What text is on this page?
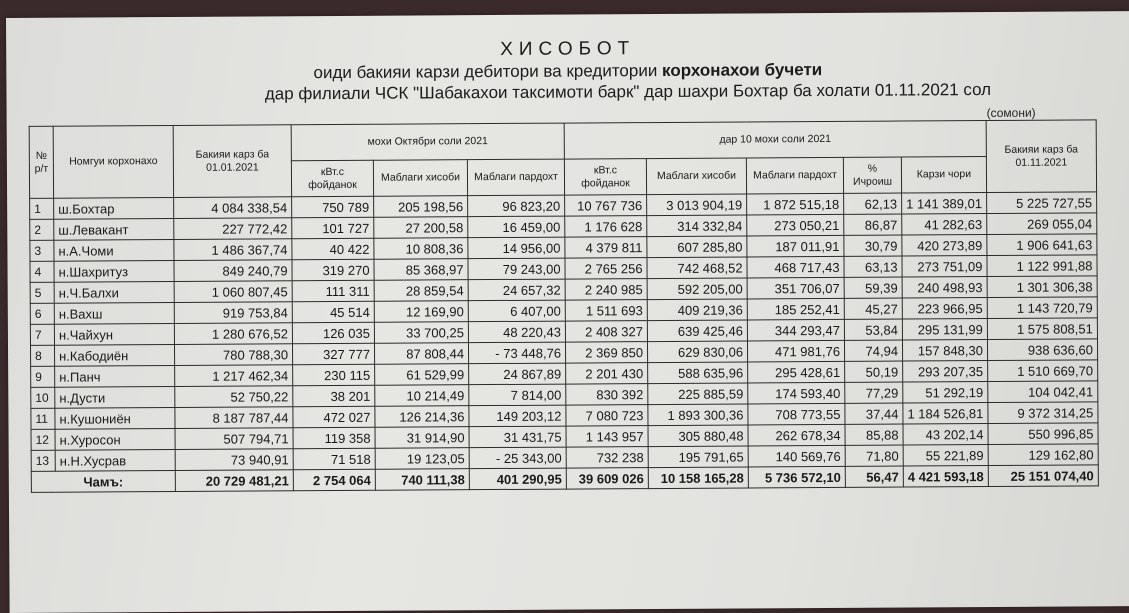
ХИСОБОТ
оиди бакияи карзи дебитори ва кредитории корхонахои бучети
дар филиали ЧСК "Шабакахои таксимоти барк" дар шахри Бохтар ба холати 01.11.2021 сол
(сомони)
№ р/т	Номгуи корхонахо	Бакияи карз ба 01.01.2021	мохи Октябри соли 2021			дар 10 мохи соли 2021					Бакияи карз ба 01.11.2021
			кВт.с фойданок	Маблаги хисоби	Маблаги пардохт	кВт.с фойданок	Маблаги хисоби	Маблаги пардохт	% Ичроиш	Карзи чори	
1	ш.Бохтар	4 084 338,54	750 789	205 198,56	96 823,20	10 767 736	3 013 904,19	1 872 515,18	62,13	1 141 389,01	5 225 727,55
2	ш.Левакант	227 772,42	101 727	27 200,58	16 459,00	1 176 628	314 332,84	273 050,21	86,87	41 282,63	269 055,04
3	н.А.Чоми	1 486 367,74	40 422	10 808,36	14 956,00	4 379 811	607 285,80	187 011,91	30,79	420 273,89	1 906 641,63
4	н.Шахритуз	849 240,79	319 270	85 368,97	79 243,00	2 765 256	742 468,52	468 717,43	63,13	273 751,09	1 122 991,88
5	н.Ч.Балхи	1 060 807,45	111 311	28 859,54	24 657,32	2 240 985	592 205,00	351 706,07	59,39	240 498,93	1 301 306,38
6	н.Вахш	919 753,84	45 514	12 169,90	6 407,00	1 511 693	409 219,36	185 252,41	45,27	223 966,95	1 143 720,79
7	н.Чайхун	1 280 676,52	126 035	33 700,25	48 220,43	2 408 327	639 425,46	344 293,47	53,84	295 131,99	1 575 808,51
8	н.Кабодиён	780 788,30	327 777	87 808,44	- 73 448,76	2 369 850	629 830,06	471 981,76	74,94	157 848,30	938 636,60
9	н.Панч	1 217 462,34	230 115	61 529,99	24 867,89	2 201 430	588 635,96	295 428,61	50,19	293 207,35	1 510 669,70
10	н.Дусти	52 750,22	38 201	10 214,49	7 814,00	830 392	225 885,59	174 593,40	77,29	51 292,19	104 042,41
11	н.Кушониён	8 187 787,44	472 027	126 214,36	149 203,12	7 080 723	1 893 300,36	708 773,55	37,44	1 184 526,81	9 372 314,25
12	н.Хуросон	507 794,71	119 358	31 914,90	31 431,75	1 143 957	305 880,48	262 678,34	85,88	43 202,14	550 996,85
13	н.Н.Хусрав	73 940,91	71 518	19 123,05	- 25 343,00	732 238	195 791,65	140 569,76	71,80	55 221,89	129 162,80
Чамъ:		20 729 481,21	2 754 064	740 111,38	401 290,95	39 609 026	10 158 165,28	5 736 572,10	56,47	4 421 593,18	25 151 074,40
